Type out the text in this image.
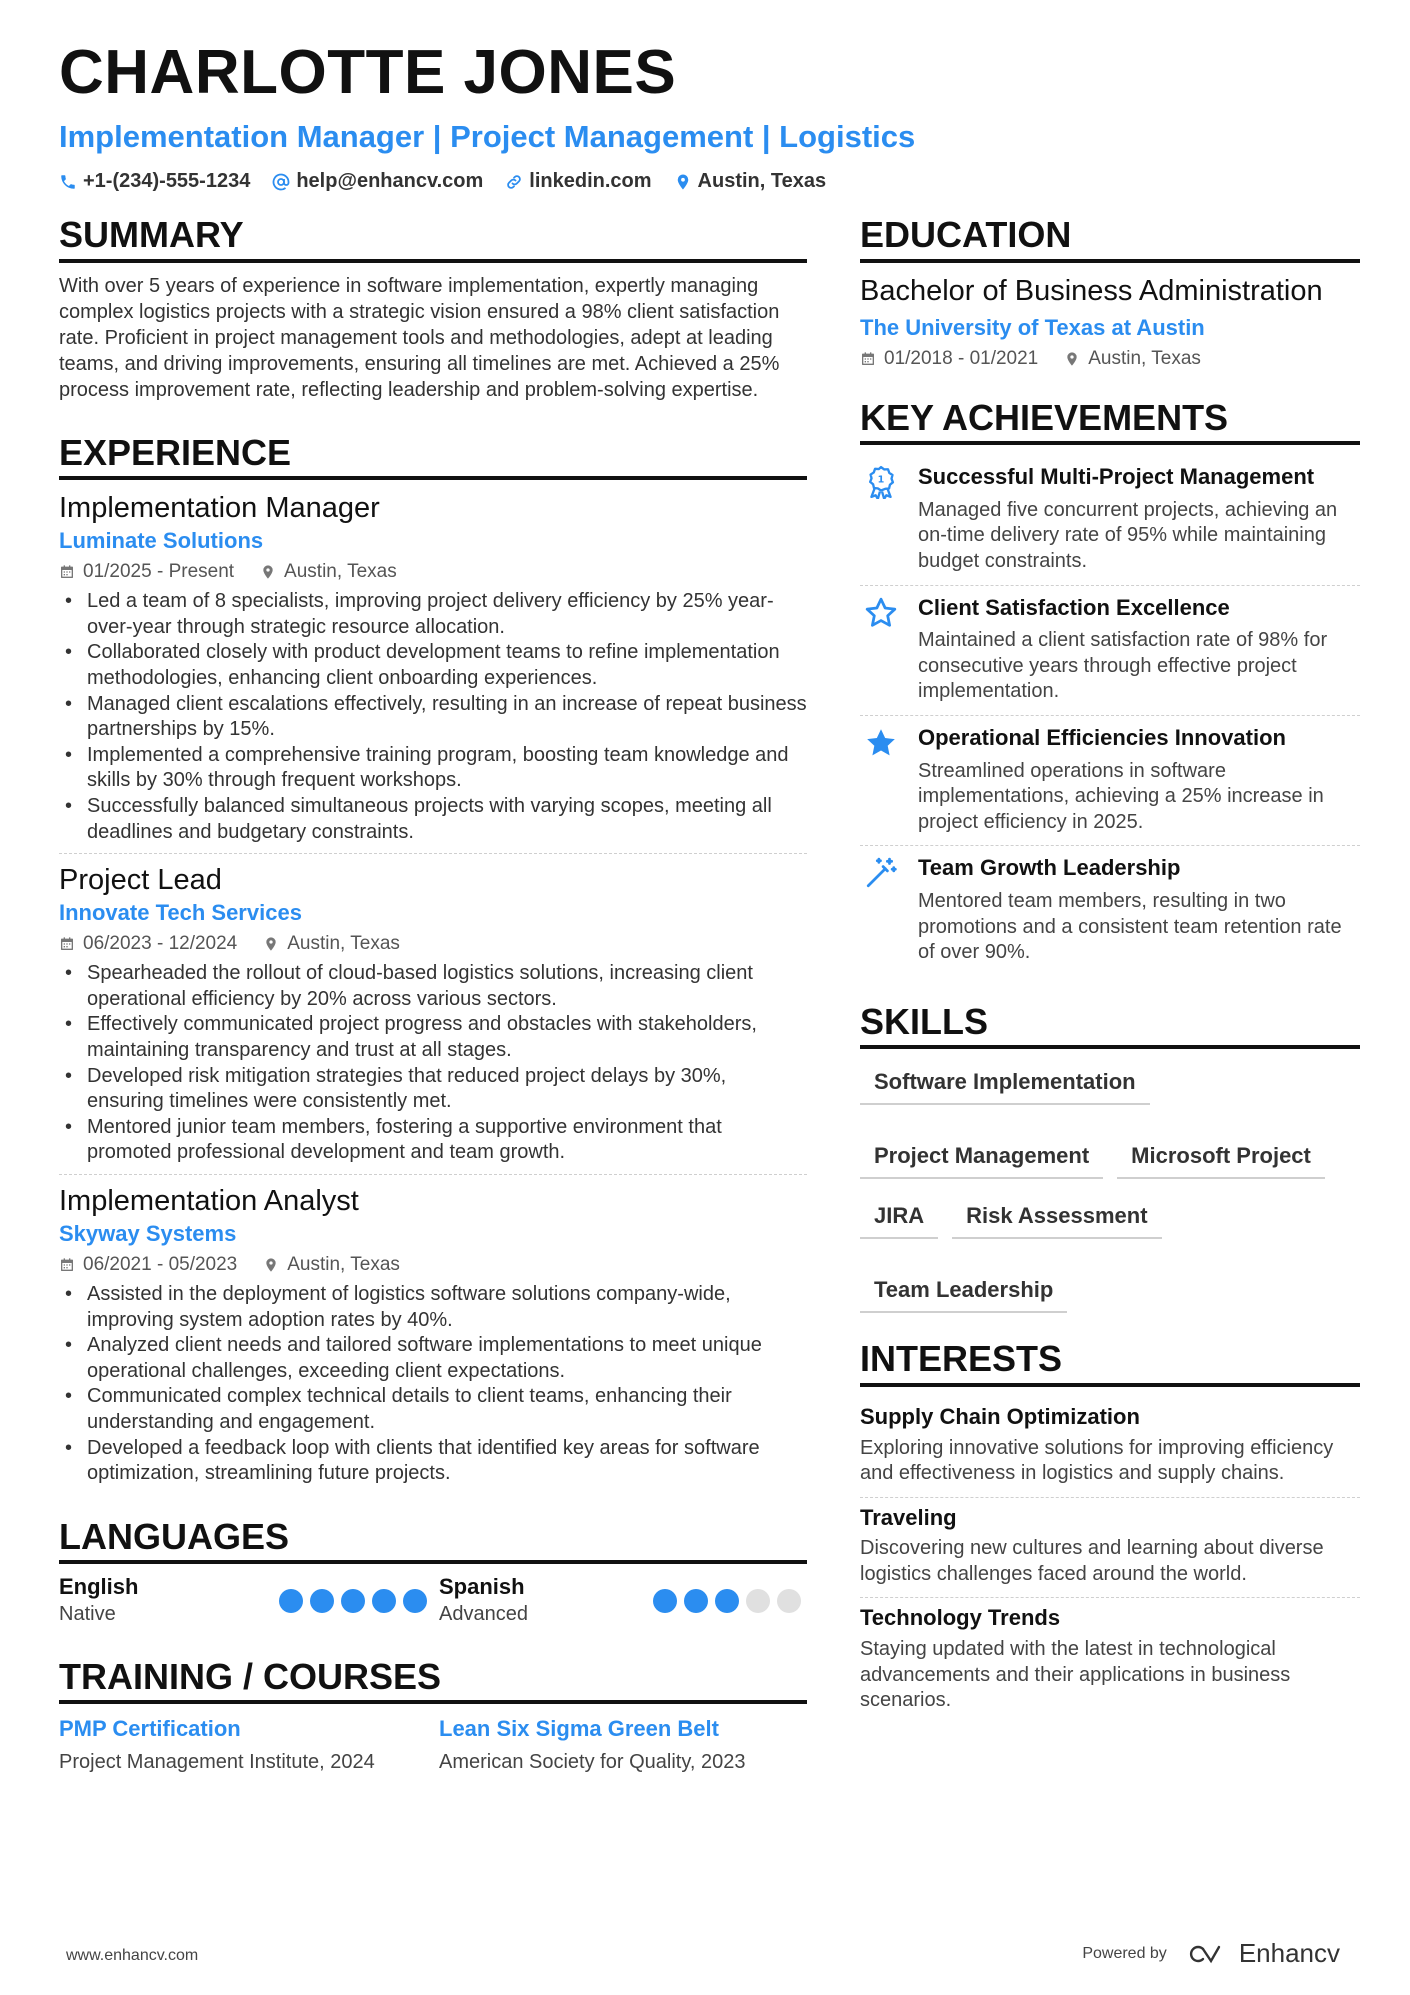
CHARLOTTE JONES
Implementation Manager | Project Management | Logistics
+1-(234)-555-1234 help@enhancv.com linkedin.com Austin, Texas
SUMMARY

With over 5 years of experience in software implementation, expertly managing complex logistics projects with a strategic vision ensured a 98% client satisfaction rate. Proficient in project management tools and methodologies, adept at leading teams, and driving improvements, ensuring all timelines are met. Achieved a 25% process improvement rate, reflecting leadership and problem-solving expertise.

EXPERIENCE
Implementation Manager
Luminate Solutions
01/2025 - Present	Austin, Texas
• Led a team of 8 specialists, improving project delivery efficiency by 25% year-over-year through strategic resource allocation.
• Collaborated closely with product development teams to refine implementation methodologies, enhancing client onboarding experiences.
• Managed client escalations effectively, resulting in an increase of repeat business partnerships by 15%.
• Implemented a comprehensive training program, boosting team knowledge and skills by 30% through frequent workshops.
• Successfully balanced simultaneous projects with varying scopes, meeting all deadlines and budgetary constraints.
Project Lead
Innovate Tech Services
06/2023 - 12/2024	Austin, Texas
• Spearheaded the rollout of cloud-based logistics solutions, increasing client operational efficiency by 20% across various sectors.
• Effectively communicated project progress and obstacles with stakeholders, maintaining transparency and trust at all stages.
• Developed risk mitigation strategies that reduced project delays by 30%, ensuring timelines were consistently met.
• Mentored junior team members, fostering a supportive environment that promoted professional development and team growth.
Implementation Analyst
Skyway Systems
06/2021 - 05/2023	Austin, Texas
• Assisted in the deployment of logistics software solutions company-wide, improving system adoption rates by 40%.
• Analyzed client needs and tailored software implementations to meet unique operational challenges, exceeding client expectations.
• Communicated complex technical details to client teams, enhancing their understanding and engagement.
• Developed a feedback loop with clients that identified key areas for software optimization, streamlining future projects.
LANGUAGES
English
Native
Spanish
Advanced
TRAINING / COURSES
PMP Certification
Project Management Institute, 2024
Lean Six Sigma Green Belt
American Society for Quality, 2023
EDUCATION
Bachelor of Business Administration
The University of Texas at Austin
01/2018 - 01/2021	Austin, Texas
KEY ACHIEVEMENTS
1 Successful Multi-Project Management
Managed five concurrent projects, achieving an on-time delivery rate of 95% while maintaining budget constraints.
Client Satisfaction Excellence
Maintained a client satisfaction rate of 98% for consecutive years through effective project implementation.
Operational Efficiencies Innovation
Streamlined operations in software implementations, achieving a 25% increase in project efficiency in 2025.
Team Growth Leadership
Mentored team members, resulting in two promotions and a consistent team retention rate of over 90%.
SKILLS
Software Implementation
Project Management	Microsoft Project
JIRA	Risk Assessment
Team Leadership
INTERESTS
Supply Chain Optimization
Exploring innovative solutions for improving efficiency and effectiveness in logistics and supply chains.
Traveling
Discovering new cultures and learning about diverse logistics challenges faced around the world.
Technology Trends
Staying updated with the latest in technological advancements and their applications in business scenarios.
www.enhancv.com	Powered by	Enhancv
